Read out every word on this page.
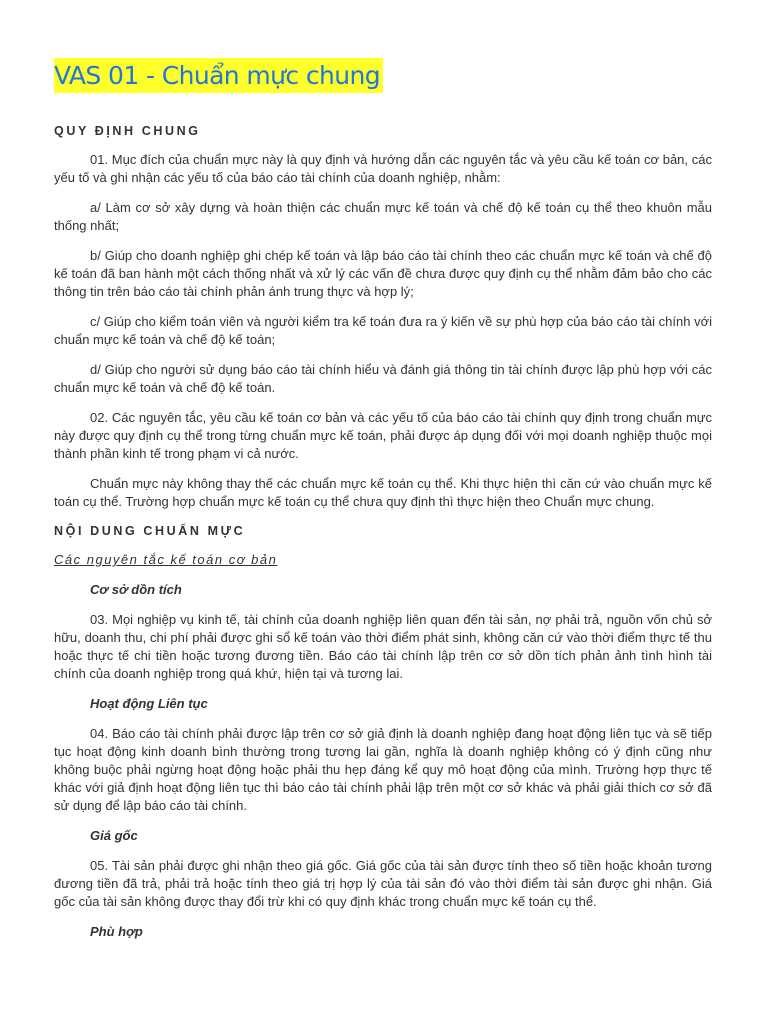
VAS 01 - Chuẩn mực chung
QUY ĐỊNH CHUNG

01. Mục đích của chuẩn mực này là quy định và hướng dẫn các nguyên tắc và yêu cầu kế toán cơ bản, các yếu tố và ghi nhận các yếu tố của báo cáo tài chính của doanh nghiệp, nhằm:

a/ Làm cơ sở xây dựng và hoàn thiện các chuẩn mực kế toán và chế độ kế toán cụ thể theo khuôn mẫu thống nhất;

b/ Giúp cho doanh nghiệp ghi chép kế toán và lập báo cáo tài chính theo các chuẩn mực kế toán và chế độ kế toán đã ban hành một cách thống nhất và xử lý các vấn đề chưa được quy định cụ thể nhằm đảm bảo cho các thông tin trên báo cáo tài chính phản ánh trung thực và hợp lý;

c/ Giúp cho kiểm toán viên và người kiểm tra kế toán đưa ra ý kiến về sự phù hợp của báo cáo tài chính với chuẩn mực kế toán và chế độ kế toán;

d/ Giúp cho người sử dụng báo cáo tài chính hiểu và đánh giá thông tin tài chính được lập phù hợp với các chuẩn mực kế toán và chế độ kế toán.

02. Các nguyên tắc, yêu cầu kế toán cơ bản và các yếu tố của báo cáo tài chính quy định trong chuẩn mực này được quy định cụ thể trong từng chuẩn mực kế toán, phải được áp dụng đối với mọi doanh nghiệp thuộc mọi thành phần kinh tế trong phạm vi cả nước.

Chuẩn mực này không thay thế các chuẩn mực kế toán cụ thể. Khi thực hiện thì căn cứ vào chuẩn mực kế toán cụ thể. Trường hợp chuẩn mực kế toán cụ thể chưa quy định thì thực hiện theo Chuẩn mực chung.

NỘI DUNG CHUẨN MỰC
Các nguyên tắc kế toán cơ bản
Cơ sở dồn tích

03. Mọi nghiệp vụ kinh tế, tài chính của doanh nghiệp liên quan đến tài sản, nợ phải trả, nguồn vốn chủ sở hữu, doanh thu, chi phí phải được ghi sổ kế toán vào thời điểm phát sinh, không căn cứ vào thời điểm thực tế thu hoặc thực tế chi tiền hoặc tương đương tiền. Báo cáo tài chính lập trên cơ sở dồn tích phản ảnh tình hình tài chính của doanh nghiệp trong quá khứ, hiện tại và tương lai.

Hoạt động Liên tục

04. Báo cáo tài chính phải được lập trên cơ sở giả định là doanh nghiệp đang hoạt động liên tục và sẽ tiếp tục hoạt động kinh doanh bình thường trong tương lai gần, nghĩa là doanh nghiệp không có ý định cũng như không buộc phải ngừng hoạt động hoặc phải thu hẹp đáng kể quy mô hoạt động của mình. Trường hợp thực tế khác với giả định hoạt động liên tục thì báo cáo tài chính phải lập trên một cơ sở khác và phải giải thích cơ sở đã sử dụng để lập báo cáo tài chính.

Giá gốc

05. Tài sản phải được ghi nhận theo giá gốc. Giá gốc của tài sản được tính theo số tiền hoặc khoản tương đương tiền đã trả, phải trả hoặc tính theo giá trị hợp lý của tài sản đó vào thời điểm tài sản được ghi nhận. Giá gốc của tài sản không được thay đổi trừ khi có quy định khác trong chuẩn mực kế toán cụ thể.

Phù hợp
